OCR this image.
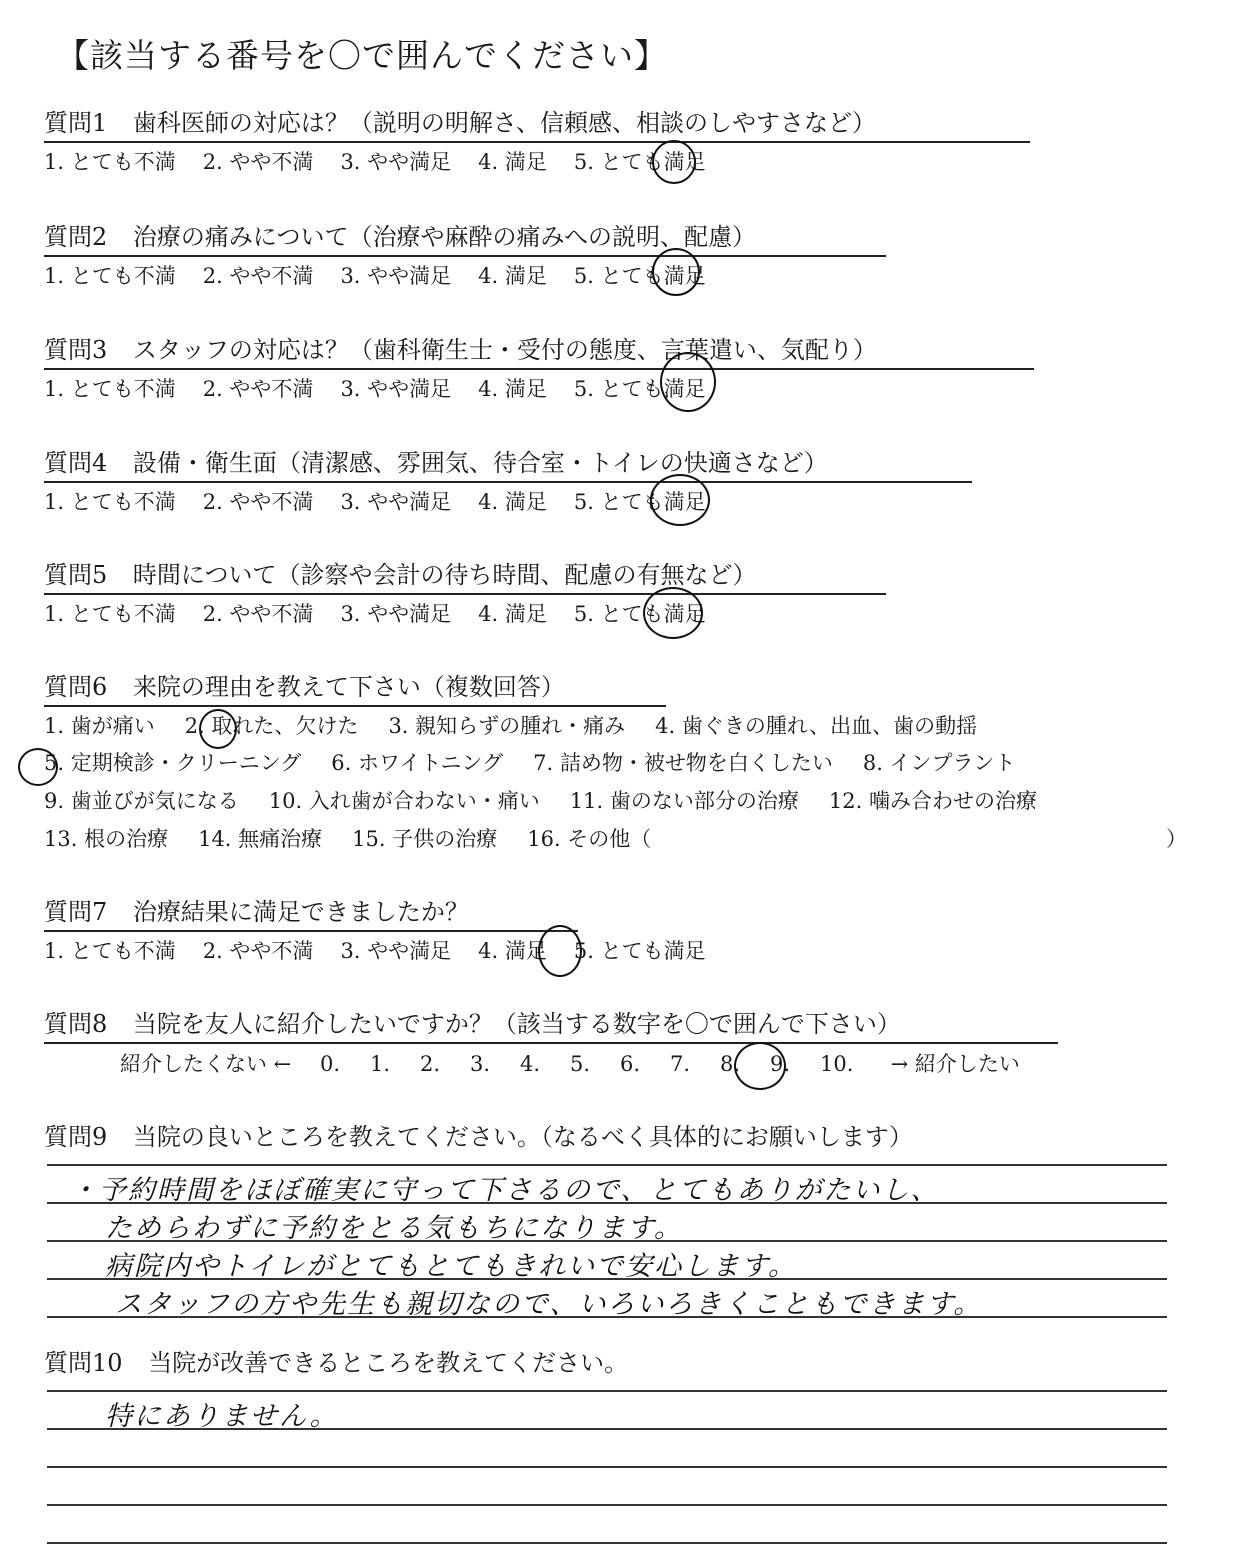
【該当する番号を〇で囲んでください】
質問1 歯科医師の対応は？（説明の明解さ、信頼感、相談のしやすさなど）
1. とても不満 2. やや不満 3. やや満足 4. 満足 5. とても満足
質問2 治療の痛みについて（治療や麻酔の痛みへの説明、配慮）
1. とても不満 2. やや不満 3. やや満足 4. 満足 5. とても満足
質問3 スタッフの対応は？（歯科衛生士・受付の態度、言葉遣い、気配り）
1. とても不満 2. やや不満 3. やや満足 4. 満足 5. とても満足
質問4 設備・衛生面（清潔感、雰囲気、待合室・トイレの快適さなど）
1. とても不満 2. やや不満 3. やや満足 4. 満足 5. とても満足
質問5 時間について（診察や会計の待ち時間、配慮の有無など）
1. とても不満 2. やや不満 3. やや満足 4. 満足 5. とても満足
質問6 来院の理由を教えて下さい（複数回答）
1. 歯が痛い 2. 取れた、欠けた 3. 親知らずの腫れ・痛み 4. 歯ぐきの腫れ、出血、歯の動揺
5. 定期検診・クリーニング 6. ホワイトニング 7. 詰め物・被せ物を白くしたい 8. インプラント
9. 歯並びが気になる 10. 入れ歯が合わない・痛い 11. 歯のない部分の治療 12. 噛み合わせの治療
13. 根の治療 14. 無痛治療 15. 子供の治療 16. その他（	）
質問7 治療結果に満足できましたか？
1. とても不満 2. やや不満 3. やや満足 4. 満足 5. とても満足
質問8 当院を友人に紹介したいですか？（該当する数字を〇で囲んで下さい）
紹介したくない ← 0. 1. 2. 3. 4. 5. 6. 7. 8. 9. 10. → 紹介したい
質問9 当院の良いところを教えてください。（なるべく具体的にお願いします）
・予約時間をほぼ確実に守って下さるので、とてもありがたいし、
ためらわずに予約をとる気もちになります。
病院内やトイレがとてもとてもきれいで安心します。
スタッフの方や先生も親切なので、いろいろきくこともできます。
質問10 当院が改善できるところを教えてください。
特にありません。
